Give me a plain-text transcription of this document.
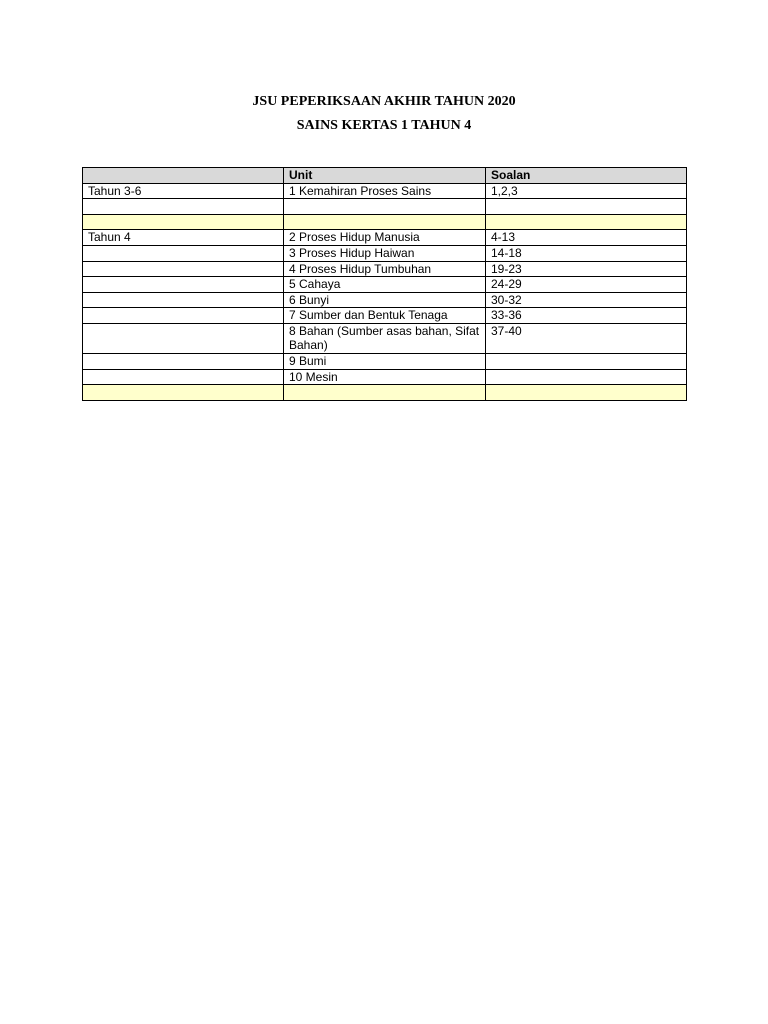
JSU PEPERIKSAAN AKHIR TAHUN 2020
SAINS KERTAS 1 TAHUN 4
	Unit	Soalan
Tahun 3-6	1 Kemahiran Proses Sains	1,2,3

Tahun 4	2 Proses Hidup Manusia	4-13
	3 Proses Hidup Haiwan	14-18
	4 Proses Hidup Tumbuhan	19-23
	5 Cahaya	24-29
	6 Bunyi	30-32
	7 Sumber dan Bentuk Tenaga	33-36
	8 Bahan (Sumber asas bahan, Sifat Bahan)	37-40
	9 Bumi	
	10 Mesin	
